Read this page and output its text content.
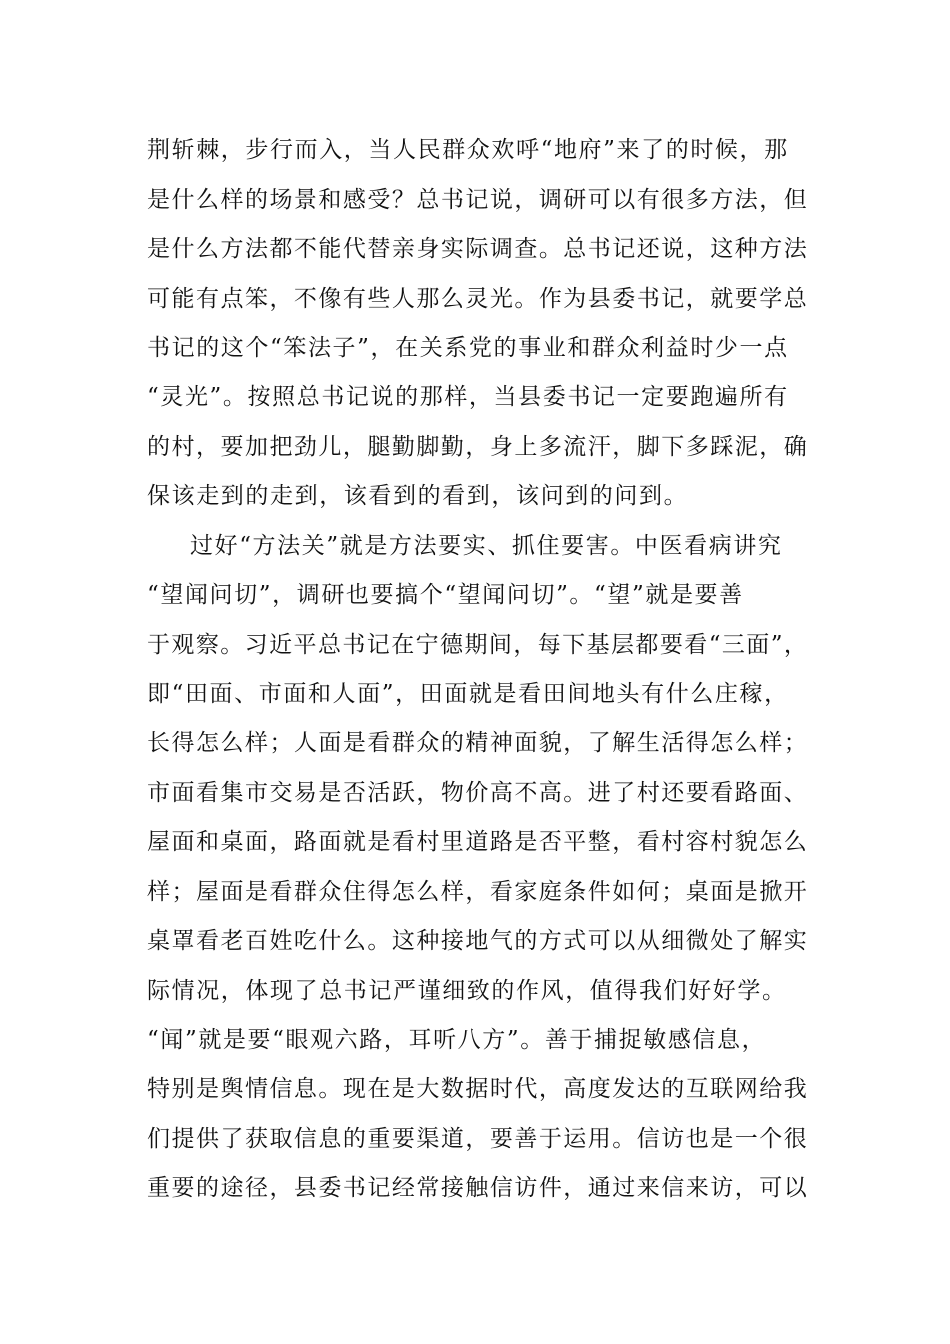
荆斩棘，步行而入，当人民群众欢呼“地府”来了的时候，那
是什么样的场景和感受？总书记说，调研可以有很多方法，但
是什么方法都不能代替亲身实际调查。总书记还说，这种方法
可能有点笨，不像有些人那么灵光。作为县委书记，就要学总
书记的这个“笨法子”，在关系党的事业和群众利益时少一点
“灵光”。按照总书记说的那样，当县委书记一定要跑遍所有
的村，要加把劲儿，腿勤脚勤，身上多流汗，脚下多踩泥，确
保该走到的走到，该看到的看到，该问到的问到。
过好“方法关”就是方法要实、抓住要害。中医看病讲究
“望闻问切”，调研也要搞个“望闻问切”。“望”就是要善
于观察。习近平总书记在宁德期间，每下基层都要看“三面”，
即“田面、市面和人面”，田面就是看田间地头有什么庄稼，
长得怎么样；人面是看群众的精神面貌，了解生活得怎么样；
市面看集市交易是否活跃，物价高不高。进了村还要看路面、
屋面和桌面，路面就是看村里道路是否平整，看村容村貌怎么
样；屋面是看群众住得怎么样，看家庭条件如何；桌面是掀开
桌罩看老百姓吃什么。这种接地气的方式可以从细微处了解实
际情况，体现了总书记严谨细致的作风，值得我们好好学。
“闻”就是要“眼观六路，耳听八方”。善于捕捉敏感信息，
特别是舆情信息。现在是大数据时代，高度发达的互联网给我
们提供了获取信息的重要渠道，要善于运用。信访也是一个很
重要的途径，县委书记经常接触信访件，通过来信来访，可以
